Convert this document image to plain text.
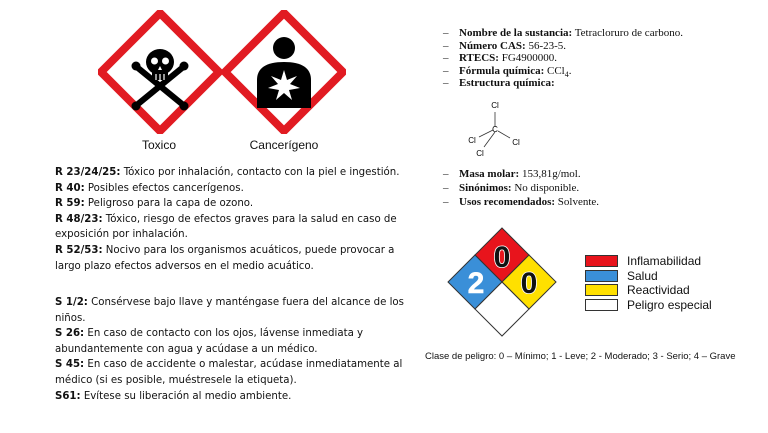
Toxico	Cancerígeno

R 23/24/25: Tóxico por inhalación, contacto con la piel e ingestión.

R 40: Posibles efectos cancerígenos.

R 59: Peligroso para la capa de ozono.

R 48/23: Tóxico, riesgo de efectos graves para la salud en caso de exposición por inhalación.

R 52/53: Nocivo para los organismos acuáticos, puede provocar a largo plazo efectos adversos en el medio acuático.

S 1/2: Consérvese bajo llave y manténgase fuera del alcance de los niños.

S 26: En caso de contacto con los ojos, lávense inmediata y abundantemente con agua y acúdase a un médico.

S 45: En caso de accidente o malestar, acúdase inmediatamente al médico (si es posible, muéstresele la etiqueta).

S61: Evítese su liberación al medio ambiente.

– Nombre de la sustancia: Tetracloruro de carbono.
– Número CAS: 56-23-5.
– RTECS: FG4900000.
– Fórmula química: CCl$_4$.
– Estructura química:
C
Cl
Cl	Cl
Cl
– Masa molar: 153,81g/mol.
– Sinónimos: No disponible.
– Usos recomendados: Solvente.
0
2 0
Inflamabilidad
Salud
Reactividad
Peligro especial
Clase de peligro: 0 – Mínimo; 1 - Leve; 2 - Moderado; 3 - Serio; 4 – Grave
